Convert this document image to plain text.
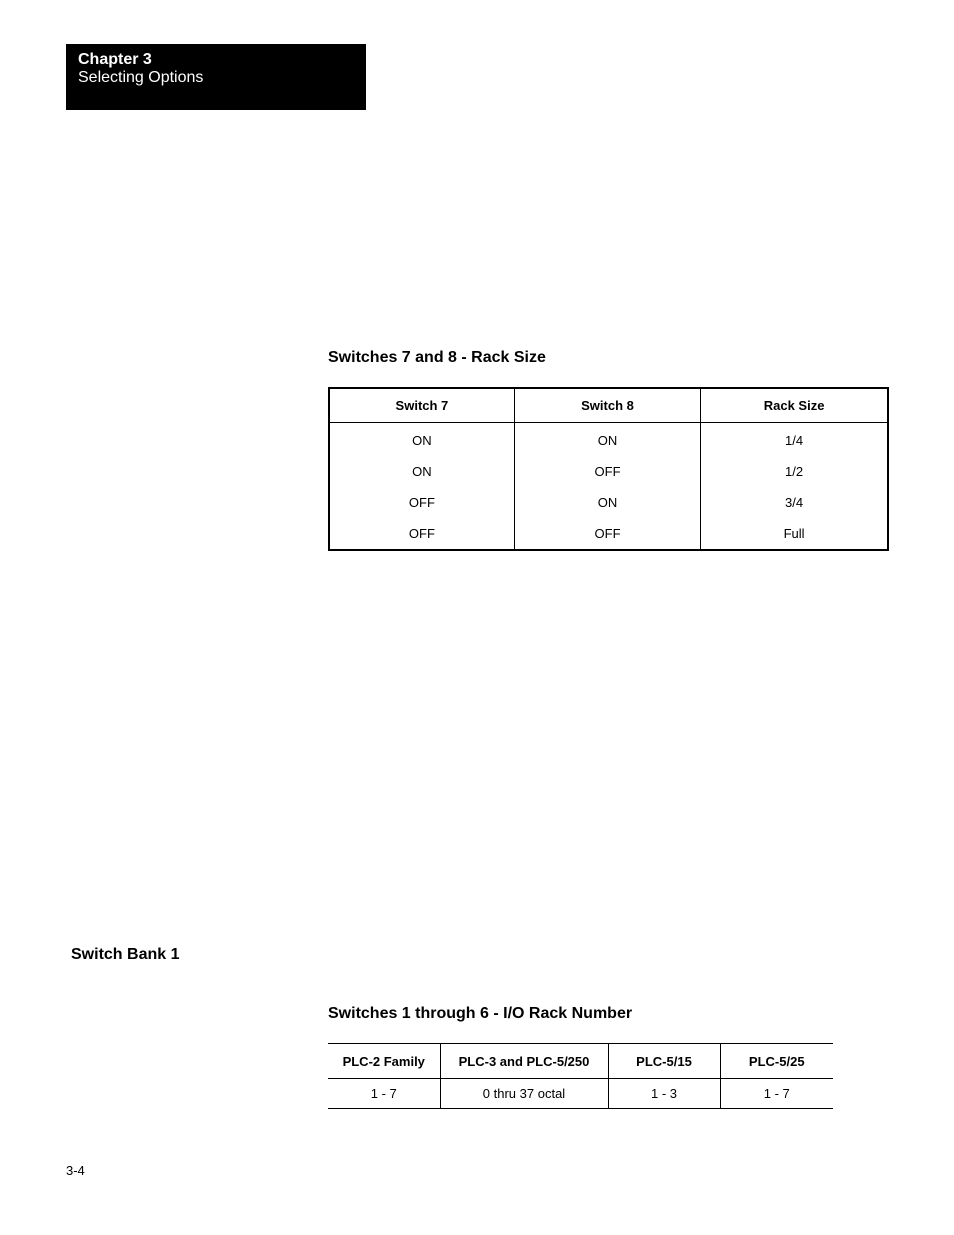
Chapter 3
Selecting Options
Switches 7 and 8 - Rack Size
Switch 7	Switch 8	Rack Size
ON	ON	1/4
ON	OFF	1/2
OFF	ON	3/4
OFF	OFF	Full
Switch Bank 1
Switches 1 through 6 - I/O Rack Number
PLC-2 Family	PLC-3 and PLC-5/250	PLC-5/15	PLC-5/25
1 - 7	0 thru 37 octal	1 - 3	1 - 7
3-4
